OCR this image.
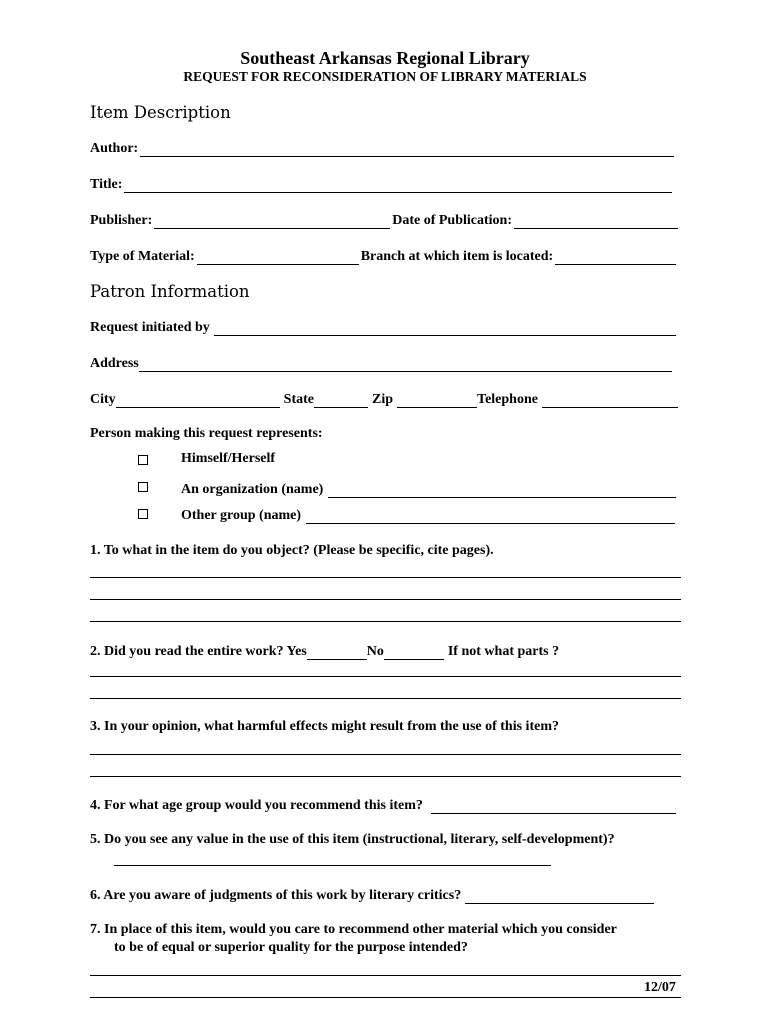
Southeast Arkansas Regional Library
REQUEST FOR RECONSIDERATION OF LIBRARY MATERIALS
Item Description
Author:
Title:
Publisher:	Date of Publication:
Type of Material:	Branch at which item is located:
Patron Information
Request initiated by
Address
City	State	Zip	Telephone
Person making this request represents:
Himself/Herself
An organization (name)
Other group (name)
1. To what in the item do you object? (Please be specific, cite pages).
2. Did you read the entire work? Yes	No	If not what parts ?
3. In your opinion, what harmful effects might result from the use of this item?
4. For what age group would you recommend this item?
5. Do you see any value in the use of this item (instructional, literary, self-development)?
6. Are you aware of judgments of this work by literary critics?
7. In place of this item, would you care to recommend other material which you consider
to be of equal or superior quality for the purpose intended?
12/07
